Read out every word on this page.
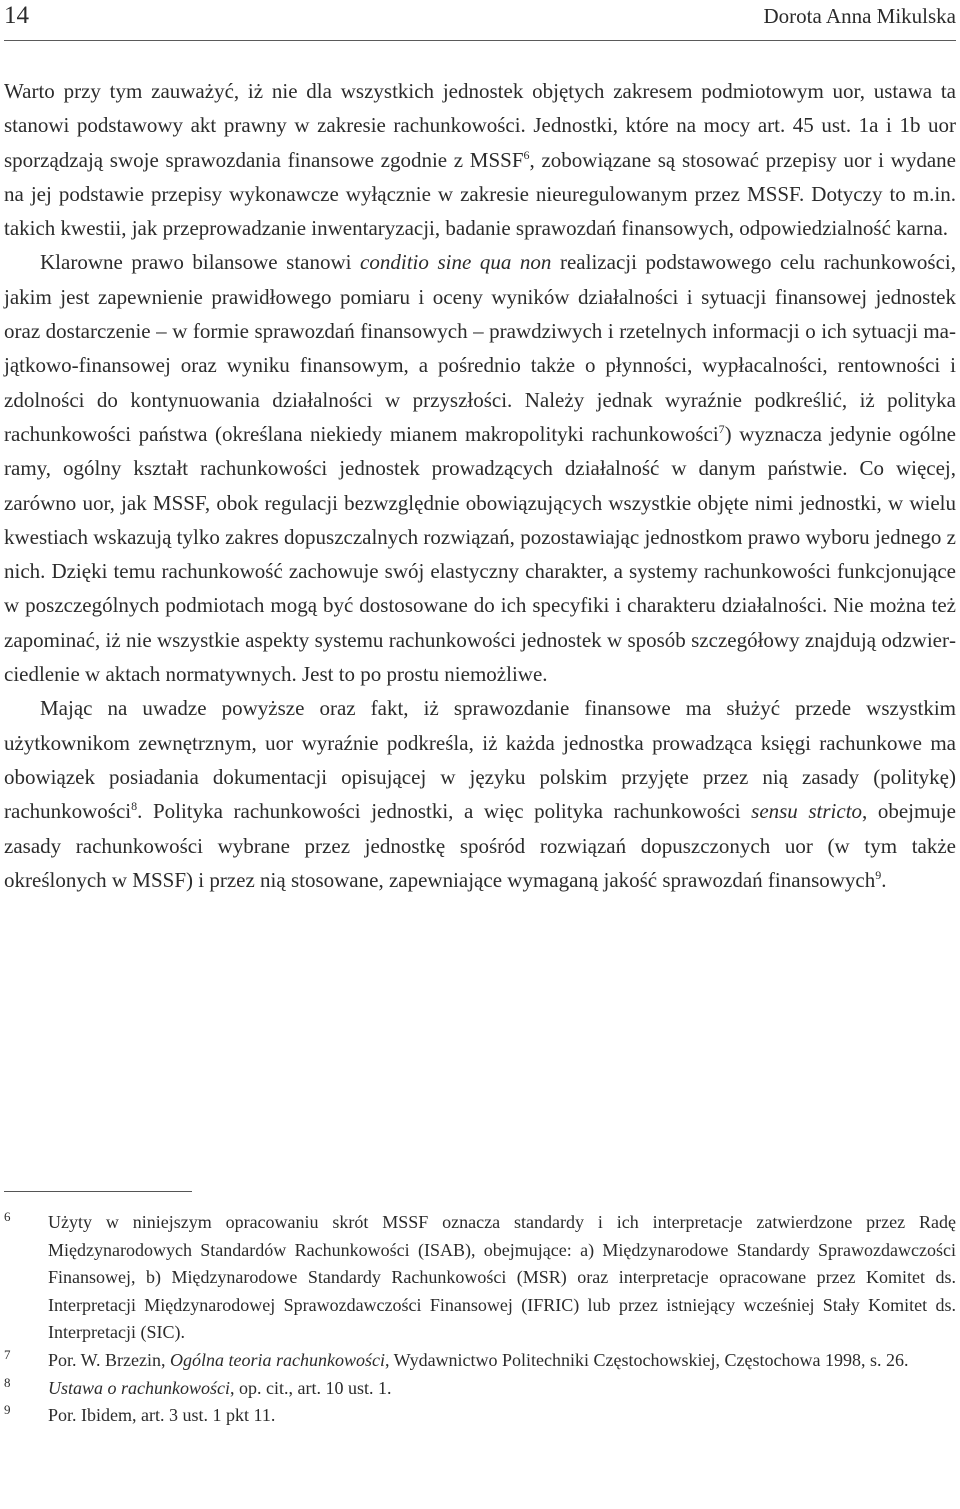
14	Dorota Anna Mikulska

Warto przy tym zauważyć, iż nie dla wszystkich jednostek objętych zakresem podmiotowym uor, ustawa ta stanowi podstawowy akt prawny w zakresie rachunkowości. Jednostki, które na mocy art. 45 ust. 1a i 1b uor sporządzają swoje sprawozdania finansowe zgodnie z MSSF$^6$, zobowiązane są stosować przepisy uor i wydane na jej podstawie przepisy wykonawcze wyłącznie w zakresie nieuregulowanym przez MSSF. Dotyczy to m.in. takich kwestii, jak przeprowadzanie inwentaryzacji, badanie sprawozdań finansowych, odpowiedzialność karna.

Klarowne prawo bilansowe stanowi conditio sine qua non realizacji podstawowego celu rachunkowości, jakim jest zapewnienie prawidłowego pomiaru i oceny wyników działalności i sytuacji finansowej jednostek oraz dostarczenie – w formie sprawozdań finansowych – prawdziwych i rzetelnych informacji o ich sytuacji majątkowo-finansowej oraz wyniku finansowym, a pośrednio także o płynności, wypłacalności, rentowności i zdolności do kontynuowania działalności w przyszłości. Należy jednak wyraźnie podkreślić, iż polityka rachunkowości państwa (określana niekiedy mianem makropolityki rachunkowości$^7$) wyznacza jedynie ogólne ramy, ogólny kształt rachunkowości jednostek prowadzących działalność w danym państwie. Co więcej, zarówno uor, jak MSSF, obok regulacji bezwzględnie obowiązujących wszystkie objęte nimi jednostki, w wielu kwestiach wskazują tylko zakres dopuszczalnych rozwiązań, pozostawiając jednostkom prawo wyboru jednego z nich. Dzięki temu rachunkowość zachowuje swój elastyczny charakter, a systemy rachunkowości funkcjonujące w poszczególnych podmiotach mogą być dostosowane do ich specyfiki i charakteru działalności. Nie można też zapominać, iż nie wszystkie aspekty systemu rachunkowości jednostek w sposób szczegółowy znajdują odzwierciedlenie w aktach normatywnych. Jest to po prostu niemożliwe.

Mając na uwadze powyższe oraz fakt, iż sprawozdanie finansowe ma służyć przede wszystkim użytkownikom zewnętrznym, uor wyraźnie podkreśla, iż każda jednostka prowadząca księgi rachunkowe ma obowiązek posiadania dokumentacji opisującej w języku polskim przyjęte przez nią zasady (politykę) rachunkowości$^8$. Polityka rachunkowości jednostki, a więc polityka rachunkowości sensu stricto, obejmuje zasady rachunkowości wybrane przez jednostkę spośród rozwiązań dopuszczonych uor (w tym także określonych w MSSF) i przez nią stosowane, zapewniające wymaganą jakość sprawozdań finansowych$^9$.

6 Użyty w niniejszym opracowaniu skrót MSSF oznacza standardy i ich interpretacje zatwierdzone przez Radę Międzynarodowych Standardów Rachunkowości (ISAB), obejmujące: a) Międzynarodowe Standardy Sprawozdawczości Finansowej, b) Międzynarodowe Standardy Rachunkowości (MSR) oraz interpretacje opracowane przez Komitet ds. Interpretacji Międzynarodowej Sprawozdawczości Finansowej (IFRIC) lub przez istniejący wcześniej Stały Komitet ds. Interpretacji (SIC).

7 Por. W. Brzezin, Ogólna teoria rachunkowości, Wydawnictwo Politechniki Częstochowskiej, Częstochowa 1998, s. 26.

8 Ustawa o rachunkowości, op. cit., art. 10 ust. 1.

9 Por. Ibidem, art. 3 ust. 1 pkt 11.
